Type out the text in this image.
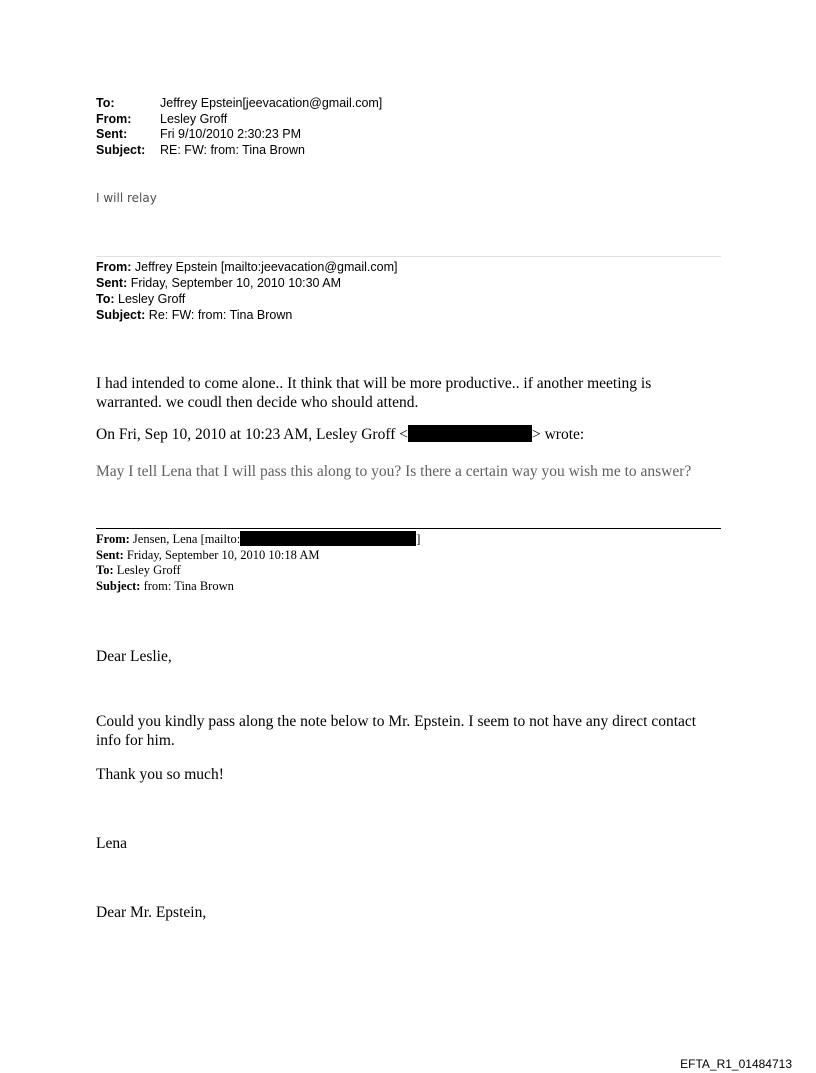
To:	Jeffrey Epstein[jeevacation@gmail.com]
From:	Lesley Groff
Sent:	Fri 9/10/2010 2:30:23 PM
Subject:	RE: FW: from: Tina Brown
I will relay
From: Jeffrey Epstein [mailto:jeevacation@gmail.com]
Sent: Friday, September 10, 2010 10:30 AM
To: Lesley Groff
Subject: Re: FW: from: Tina Brown
I had intended to come alone.. It think that will be more productive.. if another meeting is
warranted. we coudl then decide who should attend.
On Fri, Sep 10, 2010 at 10:23 AM, Lesley Groff <	> wrote:
May I tell Lena that I will pass this along to you? Is there a certain way you wish me to answer?
From: Jensen, Lena [mailto:	]
Sent: Friday, September 10, 2010 10:18 AM
To: Lesley Groff
Subject: from: Tina Brown
Dear Leslie,
Could you kindly pass along the note below to Mr. Epstein. I seem to not have any direct contact
info for him.
Thank you so much!
Lena
Dear Mr. Epstein,
EFTA_R1_01484713
